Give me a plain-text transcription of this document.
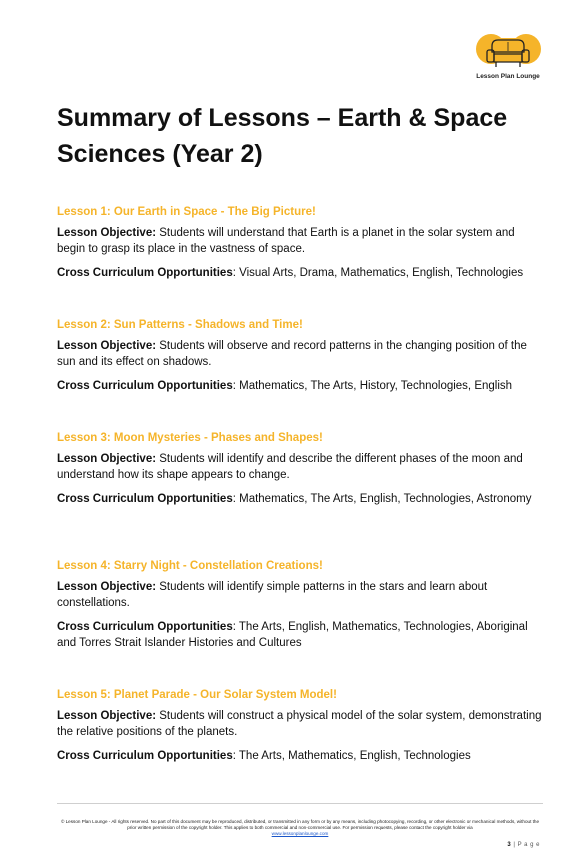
Lesson Plan Lounge
Summary of Lessons – Earth & Space Sciences (Year 2)
Lesson 1: Our Earth in Space - The Big Picture!

Lesson Objective: Students will understand that Earth is a planet in the solar system and begin to grasp its place in the vastness of space.

Cross Curriculum Opportunities: Visual Arts, Drama, Mathematics, English, Technologies

Lesson 2: Sun Patterns - Shadows and Time!

Lesson Objective: Students will observe and record patterns in the changing position of the sun and its effect on shadows.

Cross Curriculum Opportunities: Mathematics, The Arts, History, Technologies, English

Lesson 3: Moon Mysteries - Phases and Shapes!

Lesson Objective: Students will identify and describe the different phases of the moon and understand how its shape appears to change.

Cross Curriculum Opportunities: Mathematics, The Arts, English, Technologies, Astronomy

Lesson 4: Starry Night - Constellation Creations!

Lesson Objective: Students will identify simple patterns in the stars and learn about constellations.

Cross Curriculum Opportunities: The Arts, English, Mathematics, Technologies, Aboriginal and Torres Strait Islander Histories and Cultures

Lesson 5: Planet Parade - Our Solar System Model!

Lesson Objective: Students will construct a physical model of the solar system, demonstrating the relative positions of the planets.

Cross Curriculum Opportunities: The Arts, Mathematics, English, Technologies

© Lesson Plan Lounge - All rights reserved. No part of this document may be reproduced, distributed, or transmitted in any form or by any means, including photocopying, recording, or other electronic or mechanical methods, without the prior written permission of the copyright holder. This applies to both commercial and non-commercial use. For permission requests, please contact the copyright holder via
www.lessonplanlounge.com
3 | P a g e
